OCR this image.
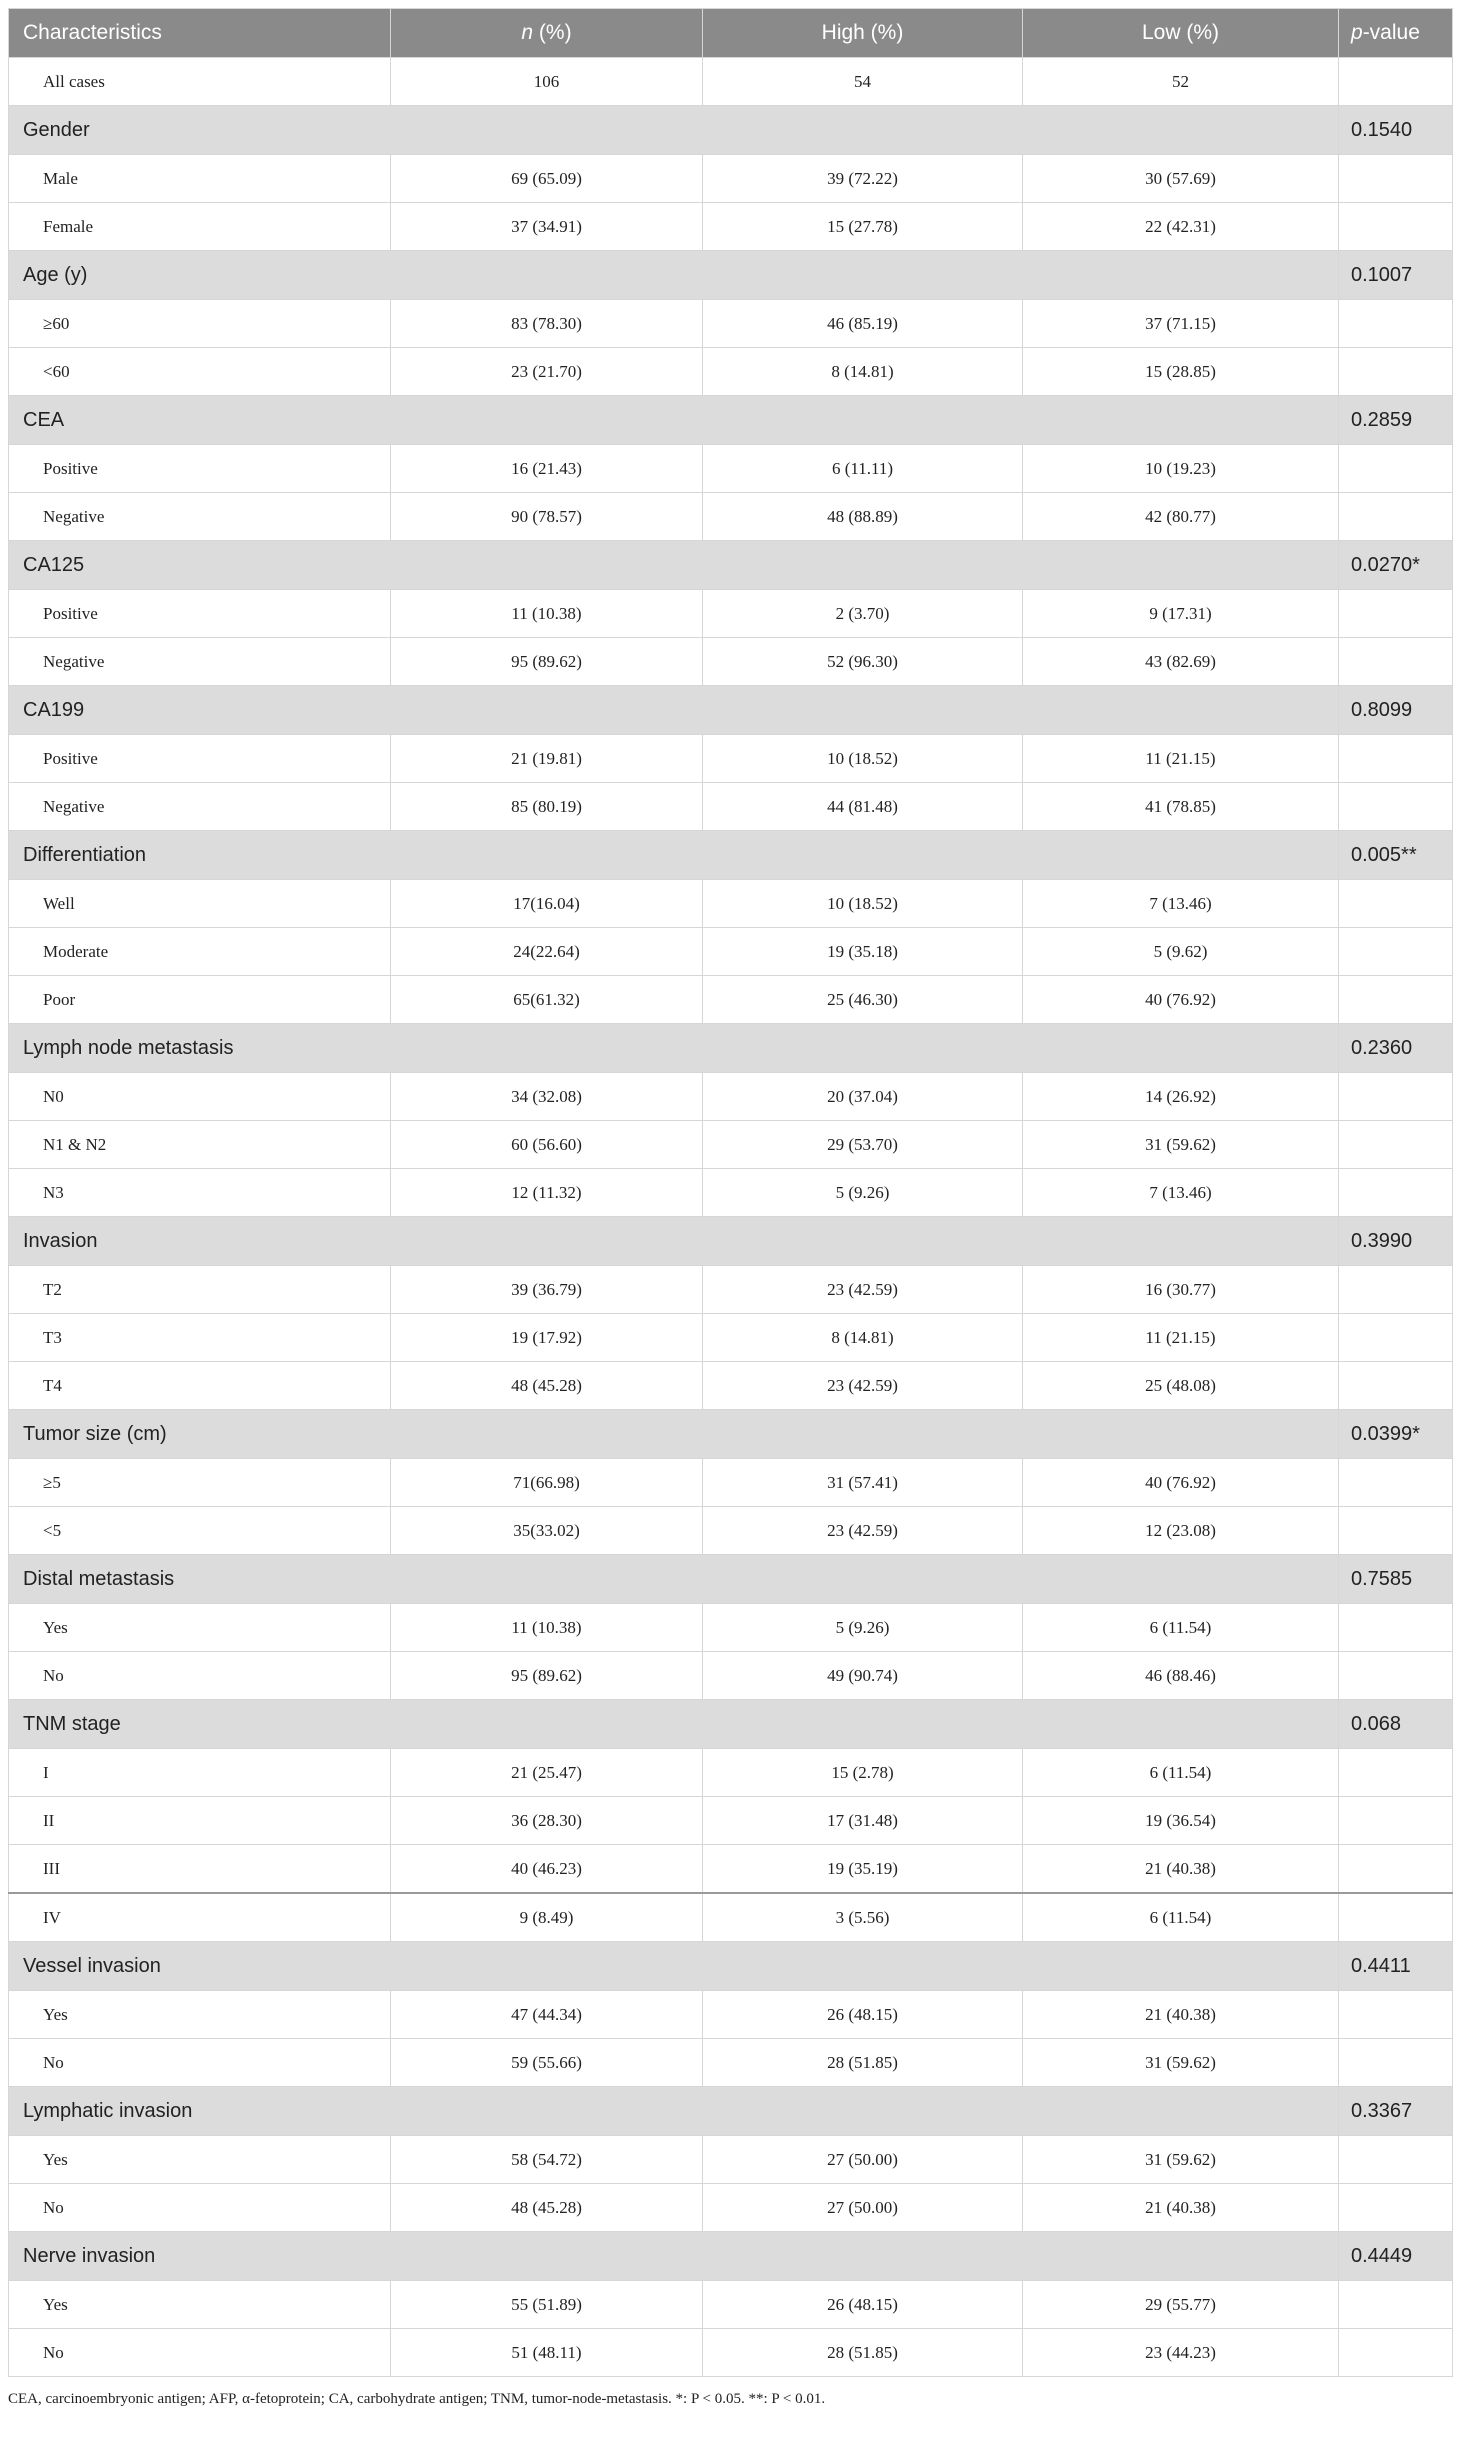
Characteristics	n (%)	High (%)	Low (%)	p-value
All cases	106	54	52	
Gender				0.1540
Male	69 (65.09)	39 (72.22)	30 (57.69)	
Female	37 (34.91)	15 (27.78)	22 (42.31)	
Age (y)				0.1007
≥60	83 (78.30)	46 (85.19)	37 (71.15)	
<60	23 (21.70)	8 (14.81)	15 (28.85)	
CEA				0.2859
Positive	16 (21.43)	6 (11.11)	10 (19.23)	
Negative	90 (78.57)	48 (88.89)	42 (80.77)	
CA125				0.0270*
Positive	11 (10.38)	2 (3.70)	9 (17.31)	
Negative	95 (89.62)	52 (96.30)	43 (82.69)	
CA199				0.8099
Positive	21 (19.81)	10 (18.52)	11 (21.15)	
Negative	85 (80.19)	44 (81.48)	41 (78.85)	
Differentiation				0.005**
Well	17(16.04)	10 (18.52)	7 (13.46)	
Moderate	24(22.64)	19 (35.18)	5 (9.62)	
Poor	65(61.32)	25 (46.30)	40 (76.92)	
Lymph node metastasis				0.2360
N0	34 (32.08)	20 (37.04)	14 (26.92)	
N1 & N2	60 (56.60)	29 (53.70)	31 (59.62)	
N3	12 (11.32)	5 (9.26)	7 (13.46)	
Invasion				0.3990
T2	39 (36.79)	23 (42.59)	16 (30.77)	
T3	19 (17.92)	8 (14.81)	11 (21.15)	
T4	48 (45.28)	23 (42.59)	25 (48.08)	
Tumor size (cm)				0.0399*
≥5	71(66.98)	31 (57.41)	40 (76.92)	
<5	35(33.02)	23 (42.59)	12 (23.08)	
Distal metastasis				0.7585
Yes	11 (10.38)	5 (9.26)	6 (11.54)	
No	95 (89.62)	49 (90.74)	46 (88.46)	
TNM stage				0.068
I	21 (25.47)	15 (2.78)	6 (11.54)	
II	36 (28.30)	17 (31.48)	19 (36.54)	
III	40 (46.23)	19 (35.19)	21 (40.38)	
IV	9 (8.49)	3 (5.56)	6 (11.54)	
Vessel invasion				0.4411
Yes	47 (44.34)	26 (48.15)	21 (40.38)	
No	59 (55.66)	28 (51.85)	31 (59.62)	
Lymphatic invasion				0.3367
Yes	58 (54.72)	27 (50.00)	31 (59.62)	
No	48 (45.28)	27 (50.00)	21 (40.38)	
Nerve invasion				0.4449
Yes	55 (51.89)	26 (48.15)	29 (55.77)	
No	51 (48.11)	28 (51.85)	23 (44.23)	
CEA, carcinoembryonic antigen; AFP, α-fetoprotein; CA, carbohydrate antigen; TNM, tumor-node-metastasis. *: P < 0.05. **: P < 0.01.
